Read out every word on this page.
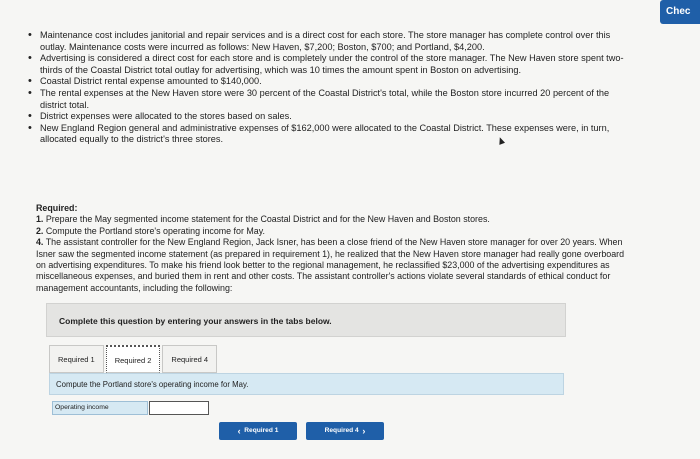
Chec
• Maintenance cost includes janitorial and repair services and is a direct cost for each store. The store manager has complete control over this outlay. Maintenance costs were incurred as follows: New Haven, $7,200; Boston, $700; and Portland, $4,200.
• Advertising is considered a direct cost for each store and is completely under the control of the store manager. The New Haven store spent two-thirds of the Coastal District total outlay for advertising, which was 10 times the amount spent in Boston on advertising.
• Coastal District rental expense amounted to $140,000.
• The rental expenses at the New Haven store were 30 percent of the Coastal District's total, while the Boston store incurred 20 percent of the district total.
• District expenses were allocated to the stores based on sales.
• New England Region general and administrative expenses of $162,000 were allocated to the Coastal District. These expenses were, in turn, allocated equally to the district's three stores.
Required:
1. Prepare the May segmented income statement for the Coastal District and for the New Haven and Boston stores.
2. Compute the Portland store's operating income for May.
4. The assistant controller for the New England Region, Jack Isner, has been a close friend of the New Haven store manager for over 20 years. When Isner saw the segmented income statement (as prepared in requirement 1), he realized that the New Haven store manager had really gone overboard on advertising expenditures. To make his friend look better to the regional management, he reclassified $23,000 of the advertising expenditures as miscellaneous expenses, and buried them in rent and other costs. The assistant controller's actions violate several standards of ethical conduct for management accountants, including the following:
Complete this question by entering your answers in the tabs below.
Required 1	Required 2	Required 4
Compute the Portland store's operating income for May.
Operating income
‹ Required 1	Required 4 ›
